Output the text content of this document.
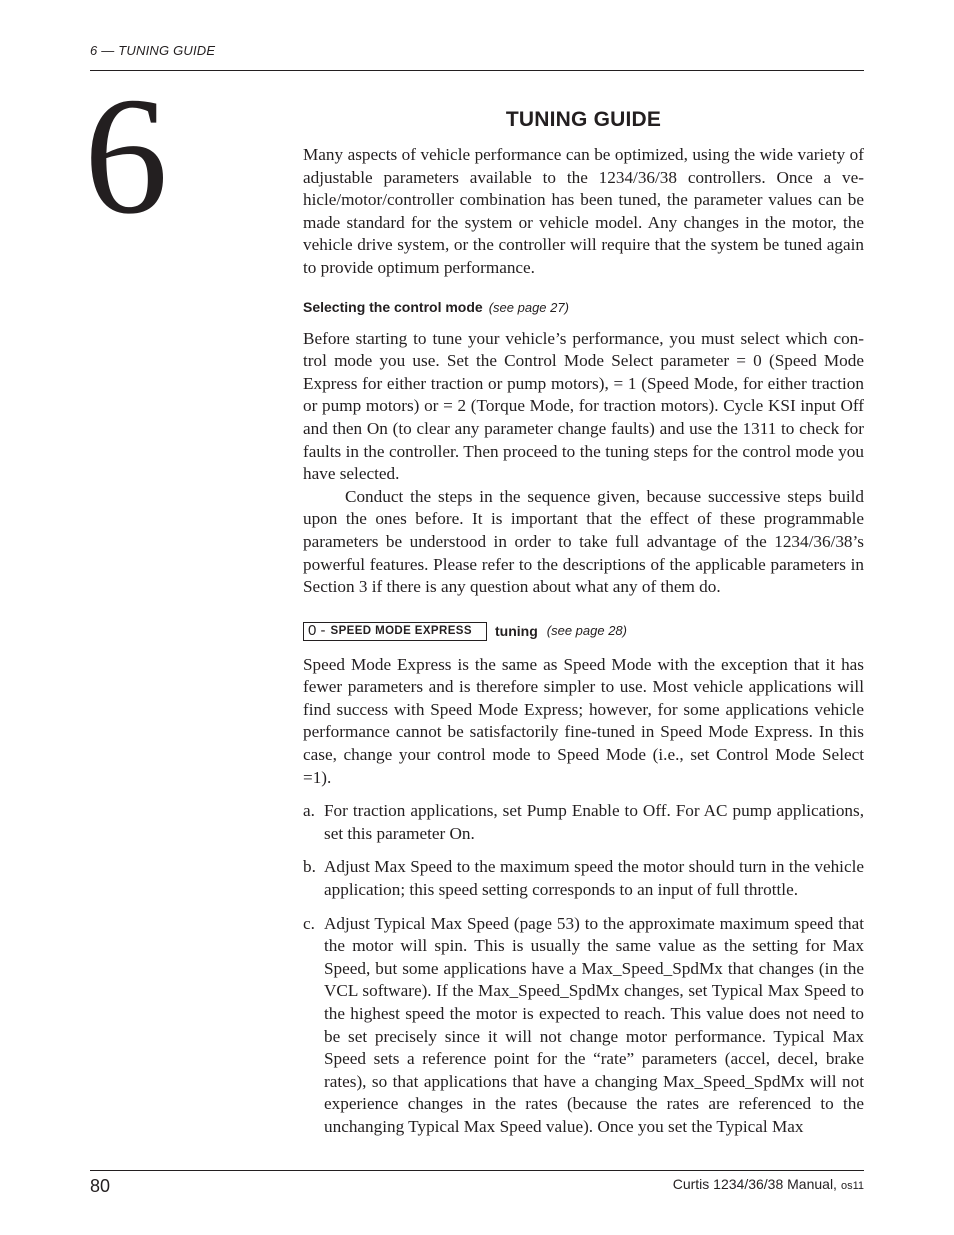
6 — TUNING GUIDE
6	TUNING GUIDE

Many aspects of vehicle performance can be optimized, using the wide variety of adjustable parameters available to the 1234/36/38 controllers. Once a vehicle/motor/controller combination has been tuned, the parameter values can be made standard for the system or vehicle model. Any changes in the motor, the vehicle drive system, or the controller will require that the system be tuned again to provide optimum performance.

Selecting the control mode (see page 27)

Before starting to tune your vehicle’s performance, you must select which control mode you use. Set the Control Mode Select parameter = 0 (Speed Mode Express for either traction or pump motors), = 1 (Speed Mode, for either traction or pump motors) or = 2 (Torque Mode, for traction motors). Cycle KSI input Off and then On (to clear any parameter change faults) and use the 1311 to check for faults in the controller. Then proceed to the tuning steps for the control mode you have selected.

Conduct the steps in the sequence given, because successive steps build upon the ones before. It is important that the effect of these programmable parameters be understood in order to take full advantage of the 1234/36/38’s powerful features. Please refer to the descriptions of the applicable parameters in Section 3 if there is any question about what any of them do.

0 - SPEED MODE EXPRESS tuning (see page 28)

Speed Mode Express is the same as Speed Mode with the exception that it has fewer parameters and is therefore simpler to use. Most vehicle applications will find success with Speed Mode Express; however, for some applications vehicle performance cannot be satisfactorily fine-tuned in Speed Mode Express. In this case, change your control mode to Speed Mode (i.e., set Control Mode Select =1).

a. For traction applications, set Pump Enable to Off. For AC pump applications, set this parameter On.

b. Adjust Max Speed to the maximum speed the motor should turn in the vehicle application; this speed setting corresponds to an input of full throttle.

c. Adjust Typical Max Speed (page 53) to the approximate maximum speed that the motor will spin. This is usually the same value as the setting for Max Speed, but some applications have a Max_Speed_SpdMx that changes (in the VCL software). If the Max_Speed_SpdMx changes, set Typical Max Speed to the highest speed the motor is expected to reach. This value does not need to be set precisely since it will not change motor performance. Typical Max Speed sets a reference point for the “rate” parameters (accel, decel, brake rates), so that applications that have a changing Max_Speed_SpdMx will not experience changes in the rates (because the rates are referenced to the unchanging Typical Max Speed value). Once you set the Typical Max

80	Curtis 1234/36/38 Manual, os11
